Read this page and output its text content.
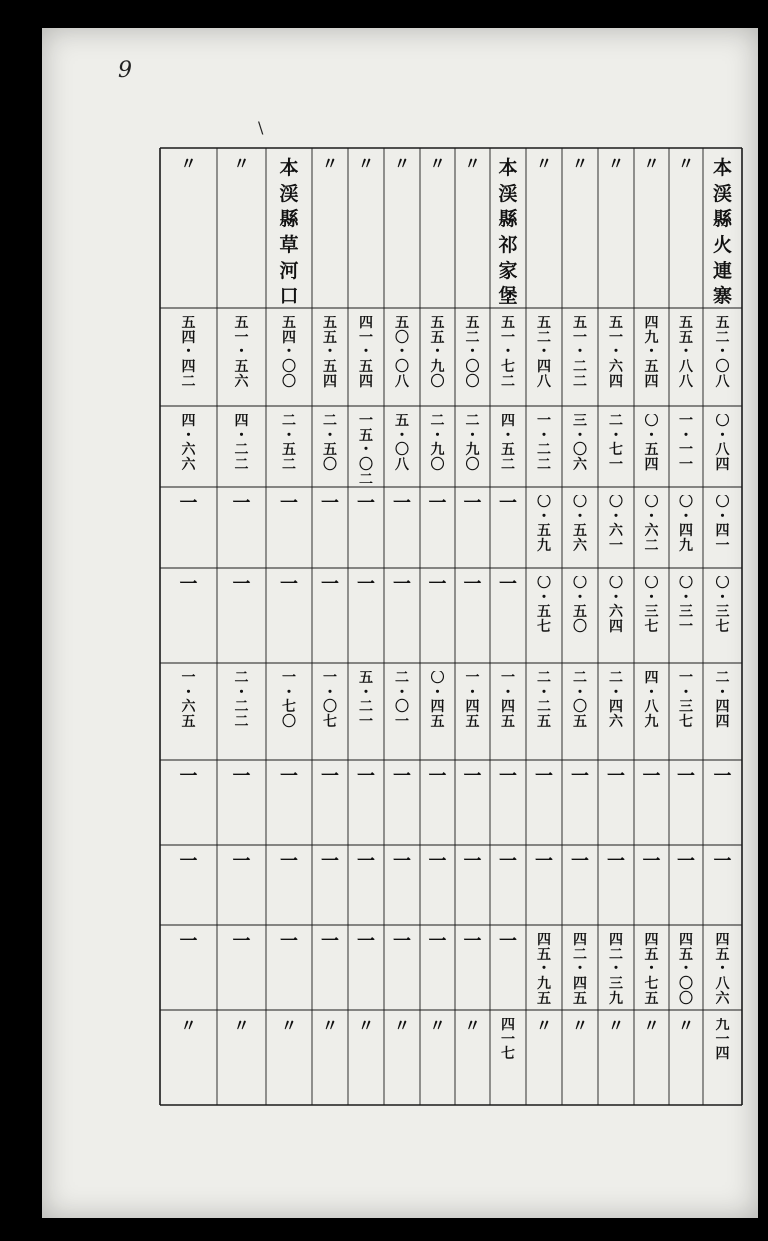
9
\
本
渓
縣
火
連
寨
五
二
・
〇
八
〇
・
八
四
〇
・
四
一
〇
・
三
七
二
・
四
四
一
一
四
五
・
八
六
九
一
四
〃
五
五
・
八
八
一
・
一
一
〇
・
四
九
〇
・
三
一
一
・
三
七
一
一
四
五
・
〇
〇
〃
〃
四
九
・
五
四
〇
・
五
四
〇
・
六
二
〇
・
三
七
四
・
八
九
一
一
四
五
・
七
五
〃
〃
五
一
・
六
四
二
・
七
一
〇
・
六
一
〇
・
六
四
二
・
四
六
一
一
四
二
・
三
九
〃
〃
五
一
・
二
二
三
・
〇
六
〇
・
五
六
〇
・
五
〇
二
・
〇
五
一
一
四
二
・
四
五
〃
〃
五
二
・
四
八
一
・
二
二
〇
・
五
九
〇
・
五
七
二
・
二
五
一
一
四
五
・
九
五
〃
本
渓
縣
祁
家
堡
五
一
・
七
二
四
・
五
二
一
一
一
・
四
五
一
一
一
四
一
七
〃
五
二
・
〇
〇
二
・
九
〇
一
一
一
・
四
五
一
一
一
〃
〃
五
五
・
九
〇
二
・
九
〇
一
一
〇
・
四
五
一
一
一
〃
〃
五
〇
・
〇
八
五
・
〇
八
一
一
二
・
〇
一
一
一
一
〃
〃
四
一
・
五
四
一
五
・
〇
二
一
一
五
・
二
一
一
一
一
〃
〃
五
五
・
五
四
二
・
五
〇
一
一
一
・
〇
七
一
一
一
〃
本
渓
縣
草
河
口
五
四
・
〇
〇
二
・
五
二
一
一
一
・
七
〇
一
一
一
〃
〃
五
一
・
五
六
四
・
二
二
一
一
二
・
二
二
一
一
一
〃
〃
五
四
・
四
二
四
・
六
六
一
一
一
・
六
五
一
一
一
〃
